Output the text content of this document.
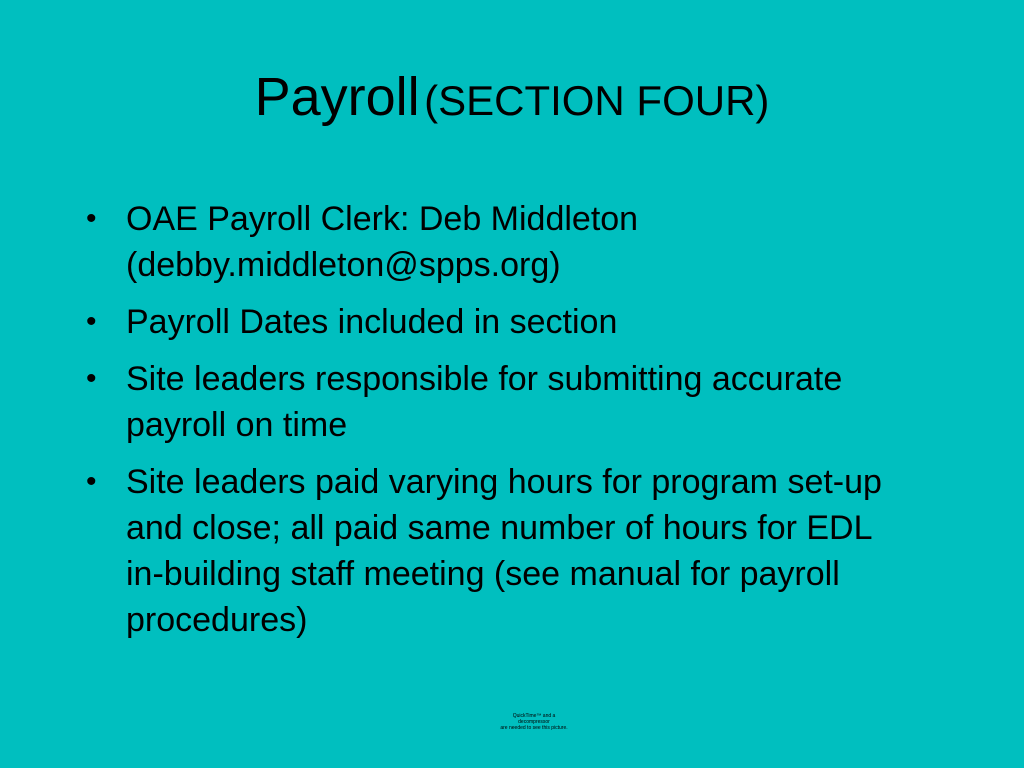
Payroll (SECTION FOUR)
• OAE Payroll Clerk: Deb Middleton (debby.middleton@spps.org)
• Payroll Dates included in section
• Site leaders responsible for submitting accurate payroll on time
• Site leaders paid varying hours for program set-up and close; all paid same number of hours for EDL in-building staff meeting (see manual for payroll procedures)
QuickTime™ and a
decompressor
are needed to see this picture.
